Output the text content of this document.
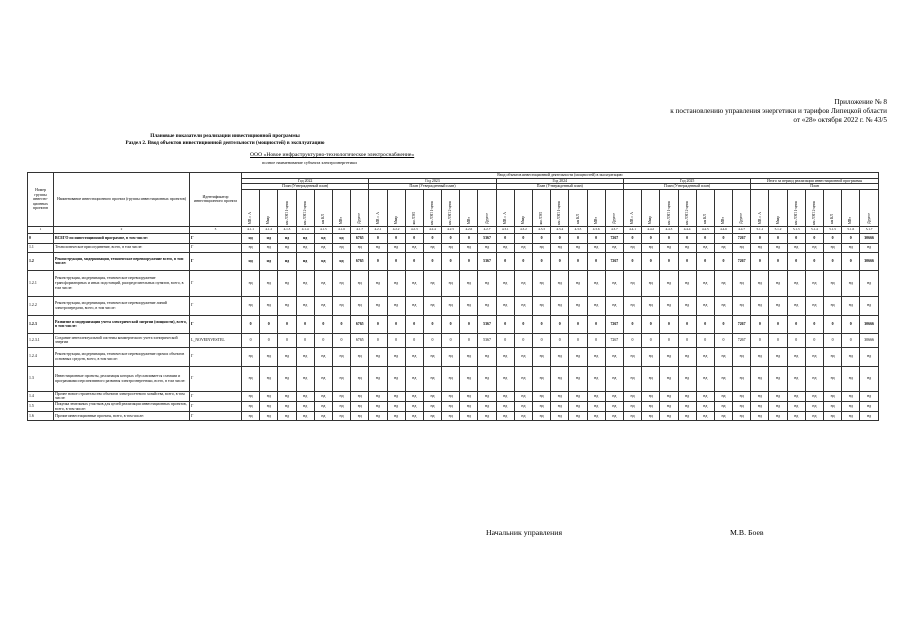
Приложение № 8
к постановлению управления энергетики и тарифов Липецкой области
от «28» октября 2022 г. № 43/5
Плановые показатели реализации инвестиционной программы
Раздел 2. Ввод объектов инвестиционной деятельности (мощностей) в эксплуатацию
ООО «Новое инфраструктурно-технологическое электроснабжение»
полное наименование субъекта электроэнергетики
Номер группы инвести-ционных проектов	Наименование инвестиционного проекта (группы инвестиционных проектов)	Идентификатор инвестиционного проекта	Ввод объектов инвестиционной деятельности (мощностей) в эксплуатацию																																		
			Год 2022							Год 2023							Год 2024							Год 2025							Итого за период реализации инвестиционной программы						
			План (Утвержденный план)							План (Утвержденный план)							План (Утвержденный план)							План (Утвержденный план)							План						
			МВ×А	Мвар	км ЛЭП 1-цепн	км ЛЭП 2-цепн	км КЛ	МВт	Другое	МВ×А	Мвар	км ЛЭП	км ЛЭП 1-цепн	км ЛЭП 2-цепн	МВт	Другое	МВ×А	Мвар	км ЛЭП	км ЛЭП 1-цепн	км КЛ	МВт	Другое	МВ×А	Мвар	км ЛЭП 1-цепн	км ЛЭП 2-цепн	км КЛ	МВт	Другое	МВ×А	Мвар	км ЛЭП 1-цепн	км ЛЭП 2-цепн	км КЛ	МВт	Другое
1	2	3	4.1.1	4.1.2	4.1.3	4.1.4	4.1.5	4.1.6	4.1.7	4.2.1	4.2.2	4.2.3	4.2.4	4.2.5	4.2.6	4.2.7	4.3.1	4.3.2	4.3.3	4.3.4	4.3.5	4.3.6	4.3.7	4.4.1	4.4.2	4.4.3	4.4.4	4.4.5	4.4.6	4.4.7	5.1.1	5.1.2	5.1.3	5.1.4	5.1.5	5.1.6	5.1.7
0	ВСЕГО по инвестиционной программе, в том числе:	Г	нд	нд	нд	нд	нд	нд	6765	0	0	0	0	0	0	5367	0	0	0	0	0	0	7267	0	0	0	0	0	0	7267	0	0	0	0	0	0	30666
1.1	Технологическое присоединение, всего, в том числе:	Г	нд	нд	нд	нд	нд	нд	нд	нд	нд	нд	нд	нд	нд	нд	нд	нд	нд	нд	нд	нд	нд	нд	нд	нд	нд	нд	нд	нд	нд	нд	нд	нд	нд	нд	нд
1.2	Реконструкция, модернизация, техническое перевооружение всего, в том числе:	Г	нд	нд	нд	нд	нд	нд	6765	0	0	0	0	0	0	5367	0	0	0	0	0	0	7267	0	0	0	0	0	0	7267	0	0	0	0	0	0	30666
1.2.1	Реконструкция, модернизация, техническое перевооружение трансформаторных и иных подстанций, распределительных пунктов, всего, в том числе:	Г	нд	нд	нд	нд	нд	нд	нд	нд	нд	нд	нд	нд	нд	нд	нд	нд	нд	нд	нд	нд	нд	нд	нд	нд	нд	нд	нд	нд	нд	нд	нд	нд	нд	нд	нд
1.2.2	Реконструкция, модернизация, техническое перевооружение линий электропередачи, всего, в том числе:	Г	нд	нд	нд	нд	нд	нд	нд	нд	нд	нд	нд	нд	нд	нд	нд	нд	нд	нд	нд	нд	нд	нд	нд	нд	нд	нд	нд	нд	нд	нд	нд	нд	нд	нд	нд
1.2.3	Развитие и модернизация учета электрической энергии (мощности), всего, в том числе:	Г	0	0	0	0	0	0	6765	0	0	0	0	0	0	5367	0	0	0	0	0	0	7267	0	0	0	0	0	0	7267	0	0	0	0	0	0	30666
1.2.3.1	Создание интеллектуальной системы коммерческого учета электрической энергии	L_NOVEINVESTEL	0	0	0	0	0	0	6765	0	0	0	0	0	0	5367	0	0	0	0	0	0	7267	0	0	0	0	0	0	7267	0	0	0	0	0	0	30666
1.2.4	Реконструкция, модернизация, техническое перевооружение прочих объектов основных средств, всего, в том числе:	Г	нд	нд	нд	нд	нд	нд	нд	нд	нд	нд	нд	нд	нд	нд	нд	нд	нд	нд	нд	нд	нд	нд	нд	нд	нд	нд	нд	нд	нд	нд	нд	нд	нд	нд	нд
1.3	Инвестиционные проекты, реализация которых обуславливается схемами и программами перспективного развития электроэнергетики, всего, в том числе:	Г	нд	нд	нд	нд	нд	нд	нд	нд	нд	нд	нд	нд	нд	нд	нд	нд	нд	нд	нд	нд	нд	нд	нд	нд	нд	нд	нд	нд	нд	нд	нд	нд	нд	нд	нд
1.4	Прочее новое строительство объектов электросетевого хозяйства, всего, в том числе:	Г	нд	нд	нд	нд	нд	нд	нд	нд	нд	нд	нд	нд	нд	нд	нд	нд	нд	нд	нд	нд	нд	нд	нд	нд	нд	нд	нд	нд	нд	нд	нд	нд	нд	нд	нд
1.5	Покупка земельных участков для целей реализации инвестиционных проектов, всего, в том числе:	Г	нд	нд	нд	нд	нд	нд	нд	нд	нд	нд	нд	нд	нд	нд	нд	нд	нд	нд	нд	нд	нд	нд	нд	нд	нд	нд	нд	нд	нд	нд	нд	нд	нд	нд	нд
1.6	Прочие инвестиционные проекты, всего, в том числе:	Г	нд	нд	нд	нд	нд	нд	нд	нд	нд	нд	нд	нд	нд	нд	нд	нд	нд	нд	нд	нд	нд	нд	нд	нд	нд	нд	нд	нд	нд	нд	нд	нд	нд	нд	нд
Начальник управления	М.В. Боев
